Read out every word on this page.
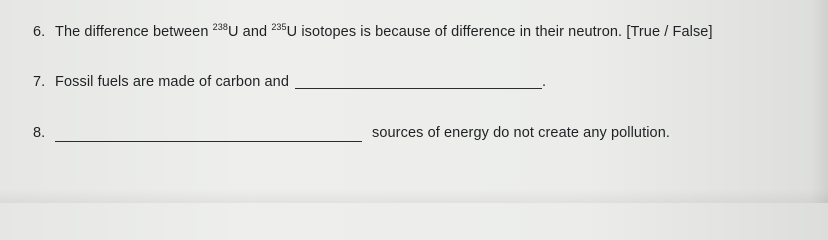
6. The difference between $^{238}$U and $^{235}$U isotopes is because of difference in their neutron. [True / False]
7. Fossil fuels are made of carbon and	.
8.	sources of energy do not create any pollution.
